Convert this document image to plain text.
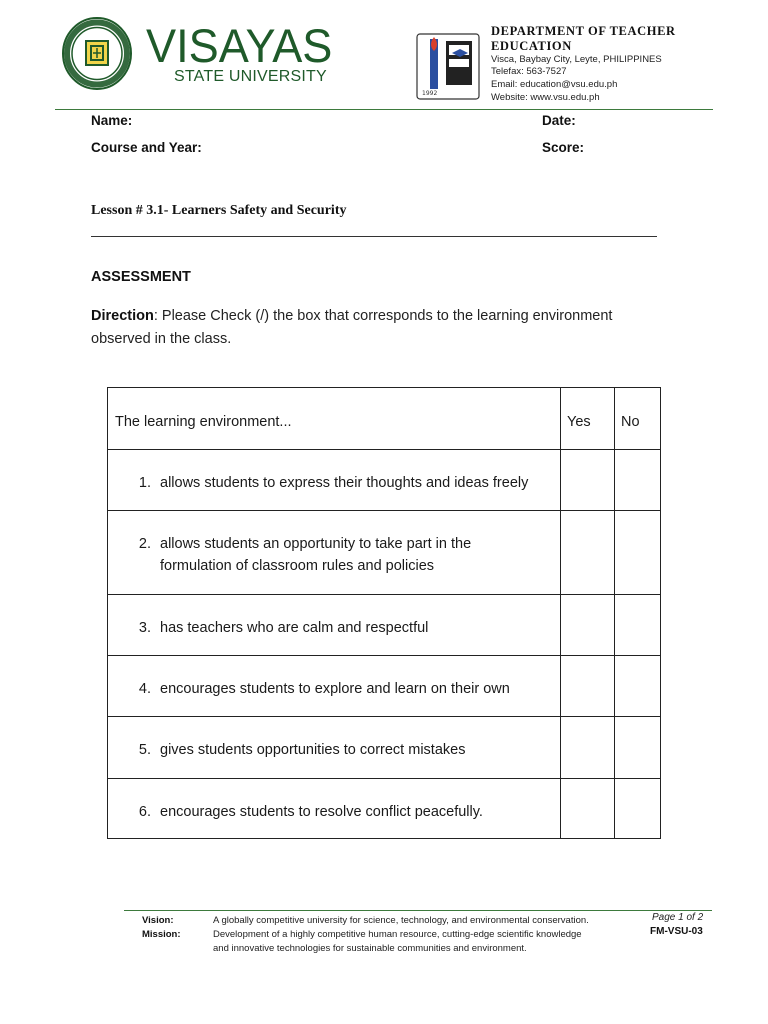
VISAYAS
STATE UNIVERSITY
1992
DEPARTMENT OF TEACHER EDUCATION
Visca, Baybay City, Leyte, PHILIPPINES
Telefax: 563-7527
Email: education@vsu.edu.ph
Website: www.vsu.edu.ph
Name:	Date:
Course and Year:	Score:
Lesson # 3.1- Learners Safety and Security
ASSESSMENT
Direction: Please Check (/) the box that corresponds to the learning environment observed in the class.
The learning environment...	Yes No
1. allows students to express their thoughts and ideas freely
2. allows students an opportunity to take part in the
formulation of classroom rules and policies
3. has teachers who are calm and respectful
4. encourages students to explore and learn on their own
5. gives students opportunities to correct mistakes
6. encourages students to resolve conflict peacefully.
Vision:	A globally competitive university for science, technology, and environmental conservation.
Mission:	Development of a highly competitive human resource, cutting-edge scientific knowledge
and innovative technologies for sustainable communities and environment.
Page 1 of 2
FM-VSU-03
